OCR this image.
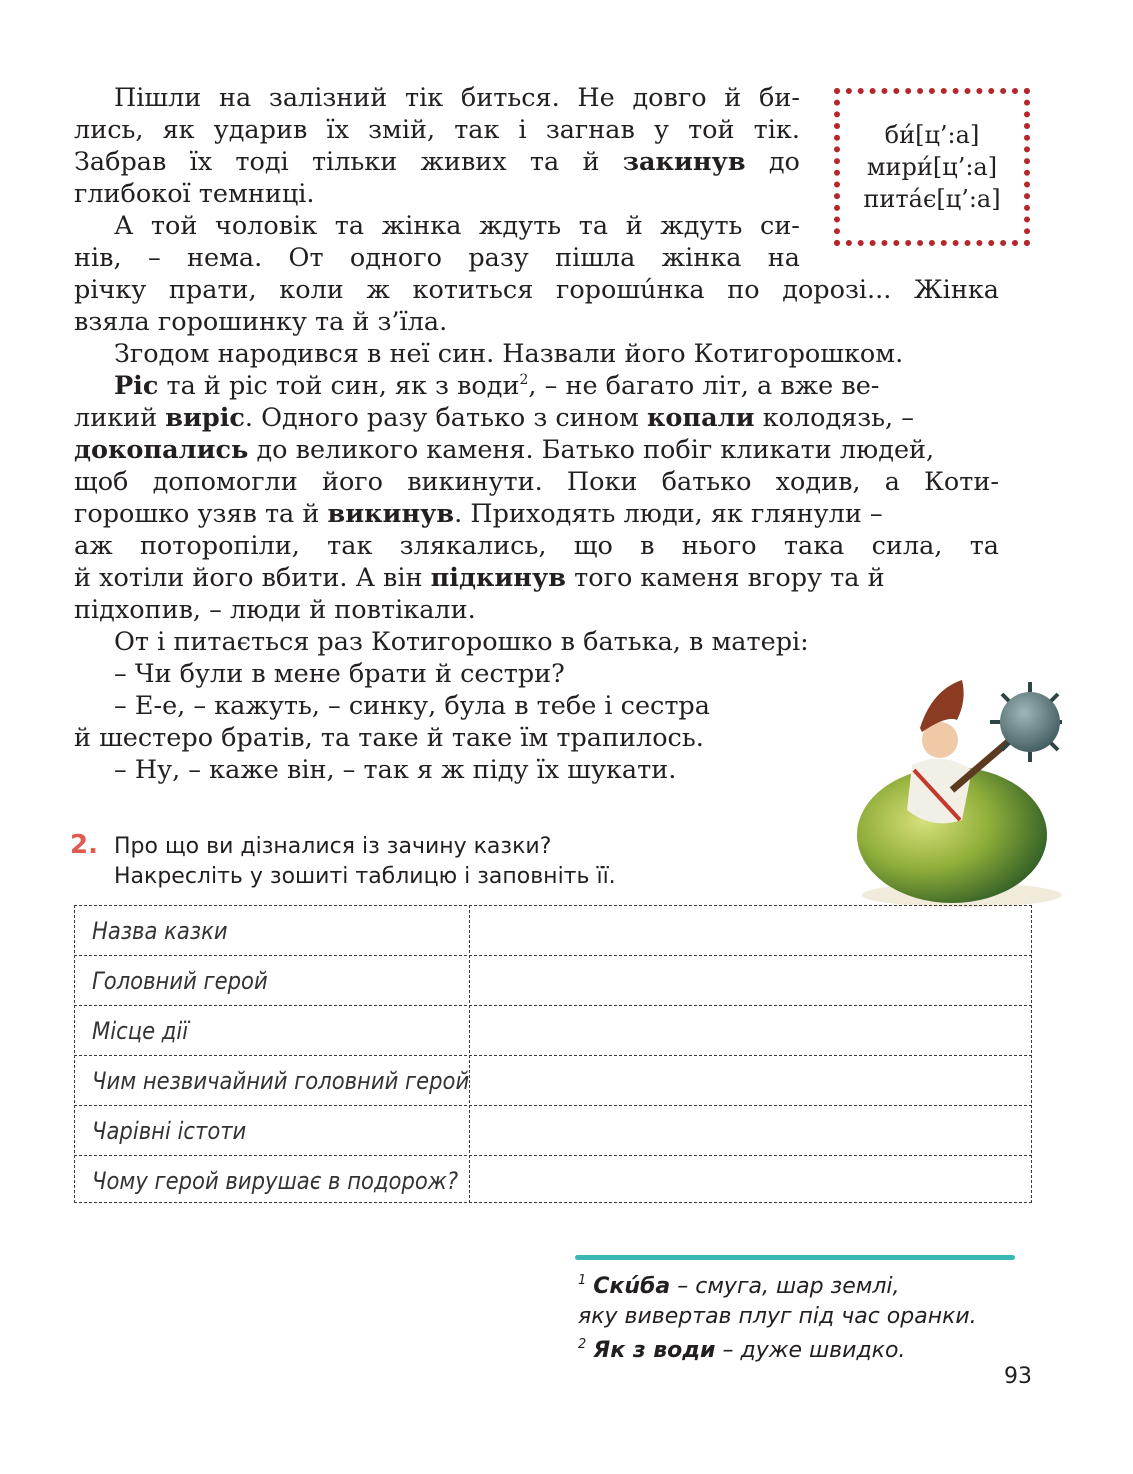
Пішли на залізний тік биться. Не довго й би-
лись, як ударив їх змій, так і загнав у той тік.
Забрав їх тоді тільки живих та й закинув до
глибокої темниці.
А той чоловік та жінка ждуть та й ждуть си-
нів, – нема. От одного разу пішла жінка на
річку прати, коли ж котиться горошúнка по дорозі... Жінка
взяла горошинку та й з’їла.
Згодом народився в неї син. Назвали його Котигорошком.
Ріс та й ріс той син, як з води$^2$, – не багато літ, а вже ве-
ликий виріс. Одного разу батько з сином копали колодязь, –
докопались до великого каменя. Батько побіг кликати людей,
щоб допомогли його викинути. Поки батько ходив, а Коти-
горошко узяв та й викинув. Приходять люди, як глянули –
аж поторопіли, так злякались, що в нього така сила, та
й хотіли його вбити. А він підкинув того каменя вгору та й
підхопив, – люди й повтікали.
От і питається раз Котигорошко в батька, в матері:
– Чи були в мене брати й сестри?
– Е-е, – кажуть, – синку, була в тебе і сестра
й шестеро братів, та таке й таке їм трапилось.
– Ну, – каже він, – так я ж піду їх шукати.
би́[ц’:а]
мири́[ц’:а]
пита́є[ц’:а]
2. Про що ви дізналися із зачину казки?
Накресліть у зошиті таблицю і заповніть її.
Назва казки
Головний герой
Місце дії
Чим незвичайний головний герой
Чарівні істоти
Чому герой вирушає в подорож?
$^1$ Скúба – смуга, шар землі,
яку вивертав плуг під час оранки.
$^2$ Як з води – дуже швидко.
93
